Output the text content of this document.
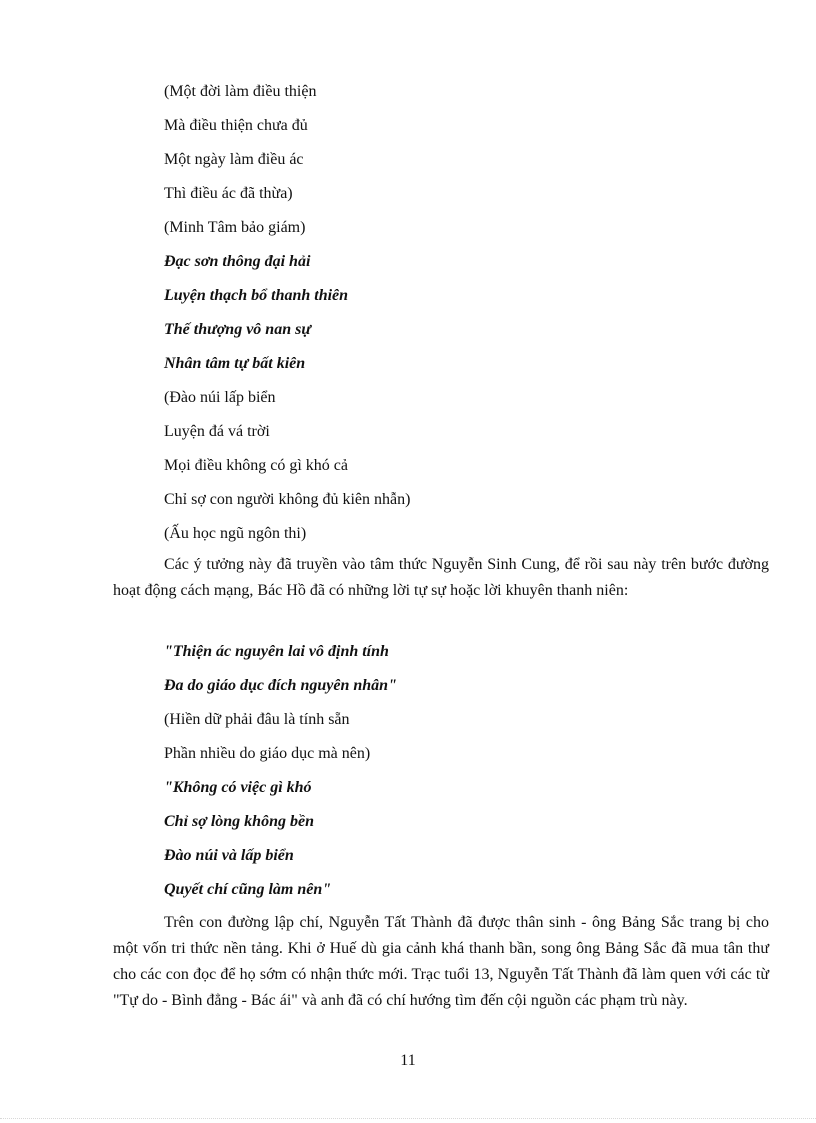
(Một đời làm điều thiện
Mà điều thiện chưa đủ
Một ngày làm điều ác
Thì điều ác đã thừa)
(Minh Tâm bảo giám)
Đạc sơn thông đại hải
Luyện thạch bổ thanh thiên
Thế thượng vô nan sự
Nhân tâm tự bất kiên
(Đào núi lấp biển
Luyện đá vá trời
Mọi điều không có gì khó cả
Chỉ sợ con người không đủ kiên nhẫn)
(Ấu học ngũ ngôn thi)
Các ý tưởng này đã truyền vào tâm thức Nguyễn Sinh Cung, để rồi sau này trên bước đường hoạt động cách mạng, Bác Hồ đã có những lời tự sự hoặc lời khuyên thanh niên:
"Thiện ác nguyên lai vô định tính
Đa do giáo dục đích nguyên nhân"
(Hiền dữ phải đâu là tính sẵn
Phần nhiều do giáo dục mà nên)
"Không có việc gì khó
Chỉ sợ lòng không bền
Đào núi và lấp biển
Quyết chí cũng làm nên"
Trên con đường lập chí, Nguyễn Tất Thành đã được thân sinh - ông Bảng Sắc trang bị cho một vốn tri thức nền tảng. Khi ở Huế dù gia cảnh khá thanh bần, song ông Bảng Sắc đã mua tân thư cho các con đọc để họ sớm có nhận thức mới. Trạc tuổi 13, Nguyễn Tất Thành đã làm quen với các từ "Tự do - Bình đẳng - Bác ái" và anh đã có chí hướng tìm đến cội nguồn các phạm trù này.
11
